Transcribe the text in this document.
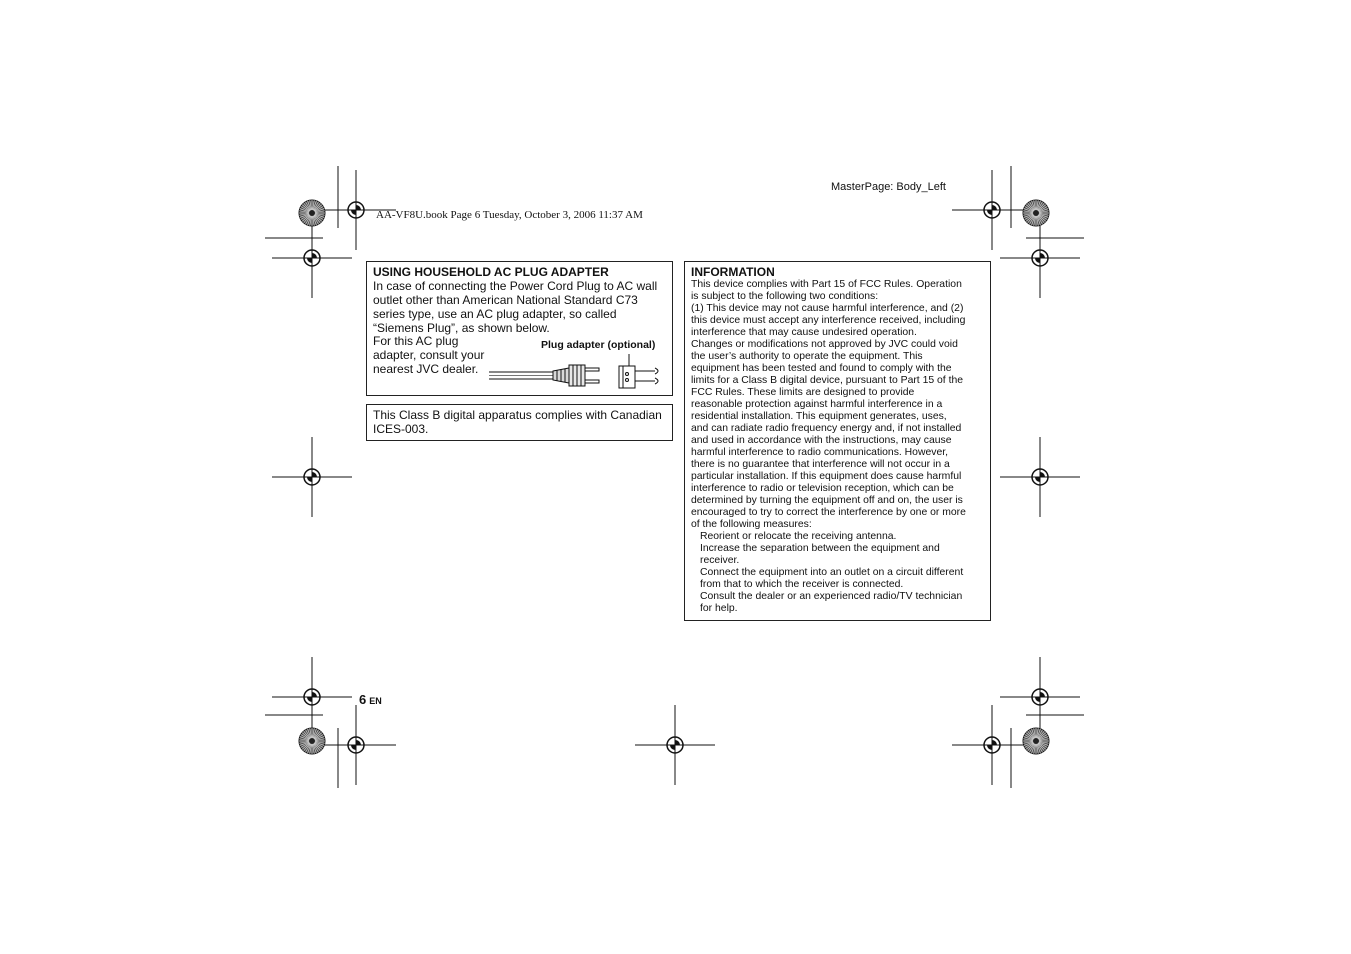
MasterPage: Body_Left
AA-VF8U.book Page 6 Tuesday, October 3, 2006 11:37 AM
USING HOUSEHOLD AC PLUG ADAPTER
In case of connecting the Power Cord Plug to AC wall
outlet other than American National Standard C73
series type, use an AC plug adapter, so called
“Siemens Plug”, as shown below.
For this AC plug
adapter, consult your
nearest JVC dealer.
Plug adapter (optional)
This Class B digital apparatus complies with Canadian
ICES-003.
INFORMATION
This device complies with Part 15 of FCC Rules. Operation
is subject to the following two conditions:
(1) This device may not cause harmful interference, and (2)
this device must accept any interference received, including
interference that may cause undesired operation.
Changes or modifications not approved by JVC could void
the user’s authority to operate the equipment. This
equipment has been tested and found to comply with the
limits for a Class B digital device, pursuant to Part 15 of the
FCC Rules. These limits are designed to provide
reasonable protection against harmful interference in a
residential installation. This equipment generates, uses,
and can radiate radio frequency energy and, if not installed
and used in accordance with the instructions, may cause
harmful interference to radio communications. However,
there is no guarantee that interference will not occur in a
particular installation. If this equipment does cause harmful
interference to radio or television reception, which can be
determined by turning the equipment off and on, the user is
encouraged to try to correct the interference by one or more
of the following measures:
Reorient or relocate the receiving antenna.
Increase the separation between the equipment and
receiver.
Connect the equipment into an outlet on a circuit different
from that to which the receiver is connected.
Consult the dealer or an experienced radio/TV technician
for help.
6 EN
